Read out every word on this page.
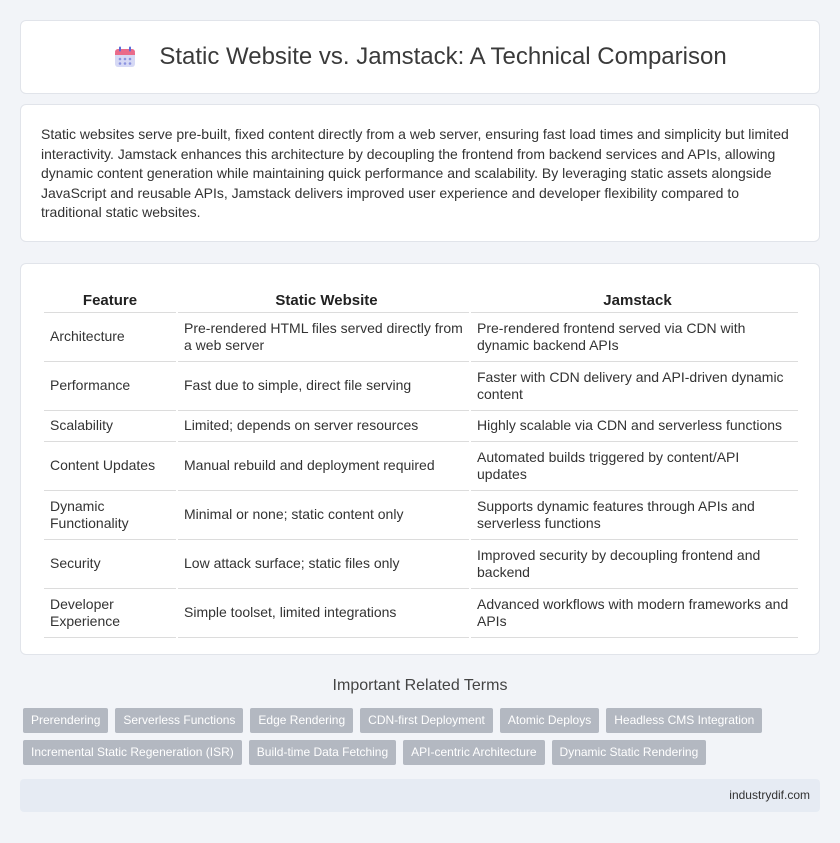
Static Website vs. Jamstack: A Technical Comparison

Static websites serve pre-built, fixed content directly from a web server, ensuring fast load times and simplicity but limited interactivity. Jamstack enhances this architecture by decoupling the frontend from backend services and APIs, allowing dynamic content generation while maintaining quick performance and scalability. By leveraging static assets alongside JavaScript and reusable APIs, Jamstack delivers improved user experience and developer flexibility compared to traditional static websites.

Feature	Static Website	Jamstack
Architecture	Pre-rendered HTML files served directly from a web server	Pre-rendered frontend served via CDN with dynamic backend APIs
Performance	Fast due to simple, direct file serving	Faster with CDN delivery and API-driven dynamic content
Scalability	Limited; depends on server resources	Highly scalable via CDN and serverless functions
Content Updates	Manual rebuild and deployment required	Automated builds triggered by content/API updates
Dynamic Functionality	Minimal or none; static content only	Supports dynamic features through APIs and serverless functions
Security	Low attack surface; static files only	Improved security by decoupling frontend and backend
Developer Experience	Simple toolset, limited integrations	Advanced workflows with modern frameworks and APIs
Important Related Terms
Prerendering	Serverless Functions	Edge Rendering	CDN-first Deployment	Atomic Deploys	Headless CMS Integration
Incremental Static Regeneration (ISR)	Build-time Data Fetching	API-centric Architecture	Dynamic Static Rendering
industrydif.com
